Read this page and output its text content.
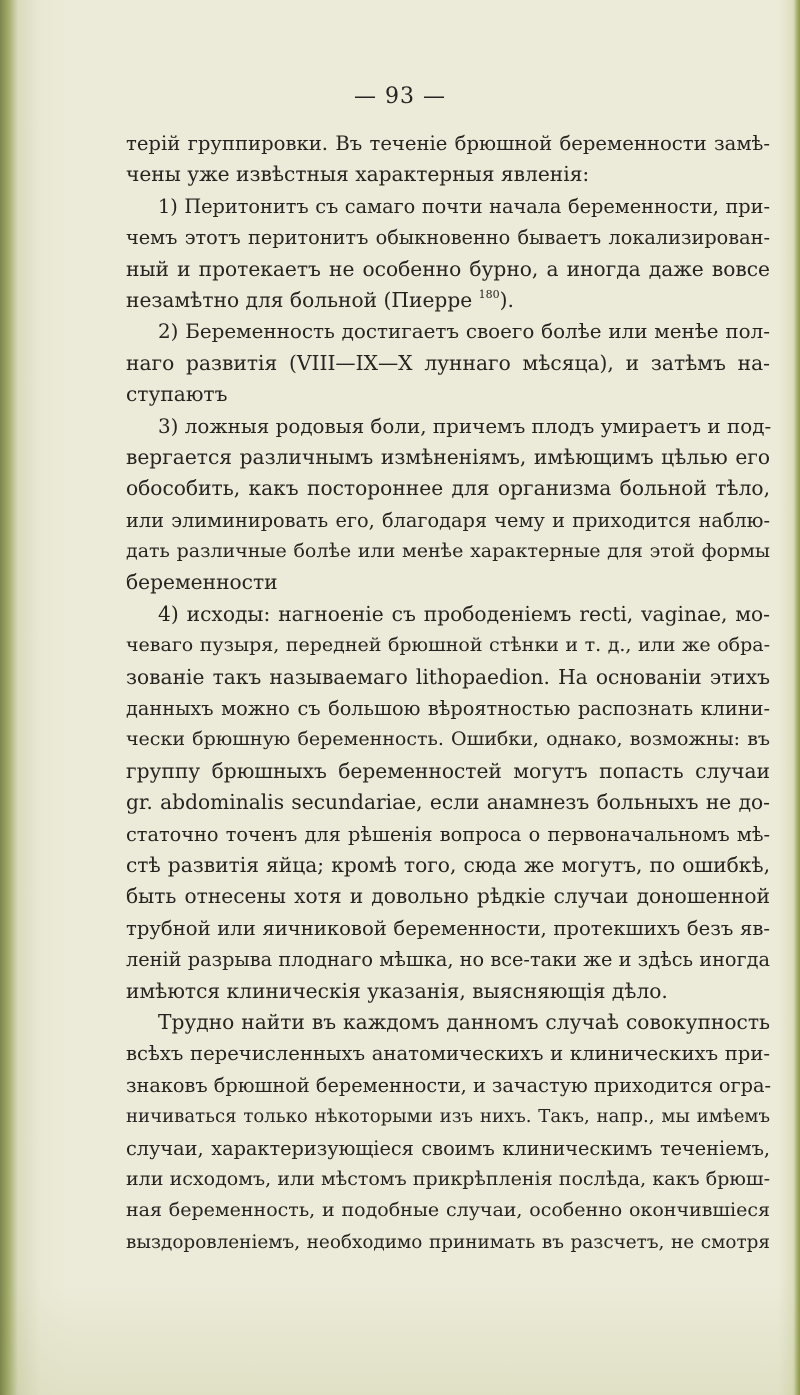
— 93 —
терій группировки. Въ теченіе брюшной беременности замѣ-
чены уже извѣстныя характерныя явленія:
1) Перитонитъ съ самаго почти начала беременности, при-
чемъ этотъ перитонитъ обыкновенно бываетъ локализирован-
ный и протекаетъ не особенно бурно, а иногда даже вовсе
незамѣтно для больной (Пиерре $^{180}$).
2) Беременность достигаетъ своего болѣе или менѣе пол-
наго развитія (VIII—IX—X луннаго мѣсяца), и затѣмъ на-
ступаютъ
3) ложныя родовыя боли, причемъ плодъ умираетъ и под-
вергается различнымъ измѣненіямъ, имѣющимъ цѣлью его
обособить, какъ постороннее для организма больной тѣло,
или элиминировать его, благодаря чему и приходится наблю-
дать различные болѣе или менѣе характерные для этой формы
беременности
4) исходы: нагноеніе съ прободеніемъ recti, vaginae, мо-
чеваго пузыря, передней брюшной стѣнки и т. д., или же обра-
зованіе такъ называемаго lithopaedion. На основаніи этихъ
данныхъ можно съ большою вѣроятностью распознать клини-
чески брюшную беременность. Ошибки, однако, возможны: въ
группу брюшныхъ беременностей могутъ попасть случаи
gr. abdominalis secundariae, если анамнезъ больныхъ не до-
статочно точенъ для рѣшенія вопроса о первоначальномъ мѣ-
стѣ развитія яйца; кромѣ того, сюда же могутъ, по ошибкѣ,
быть отнесены хотя и довольно рѣдкіе случаи доношенной
трубной или яичниковой беременности, протекшихъ безъ яв-
леній разрыва плоднаго мѣшка, но все-таки же и здѣсь иногда
имѣются клиническія указанія, выясняющія дѣло.
Трудно найти въ каждомъ данномъ случаѣ совокупность
всѣхъ перечисленныхъ анатомическихъ и клиническихъ при-
знаковъ брюшной беременности, и зачастую приходится огра-
ничиваться только нѣкоторыми изъ нихъ. Такъ, напр., мы имѣемъ
случаи, характеризующіеся своимъ клиническимъ теченіемъ,
или исходомъ, или мѣстомъ прикрѣпленія послѣда, какъ брюш-
ная беременность, и подобные случаи, особенно окончившіеся
выздоровленіемъ, необходимо принимать въ разсчетъ, не смотря
